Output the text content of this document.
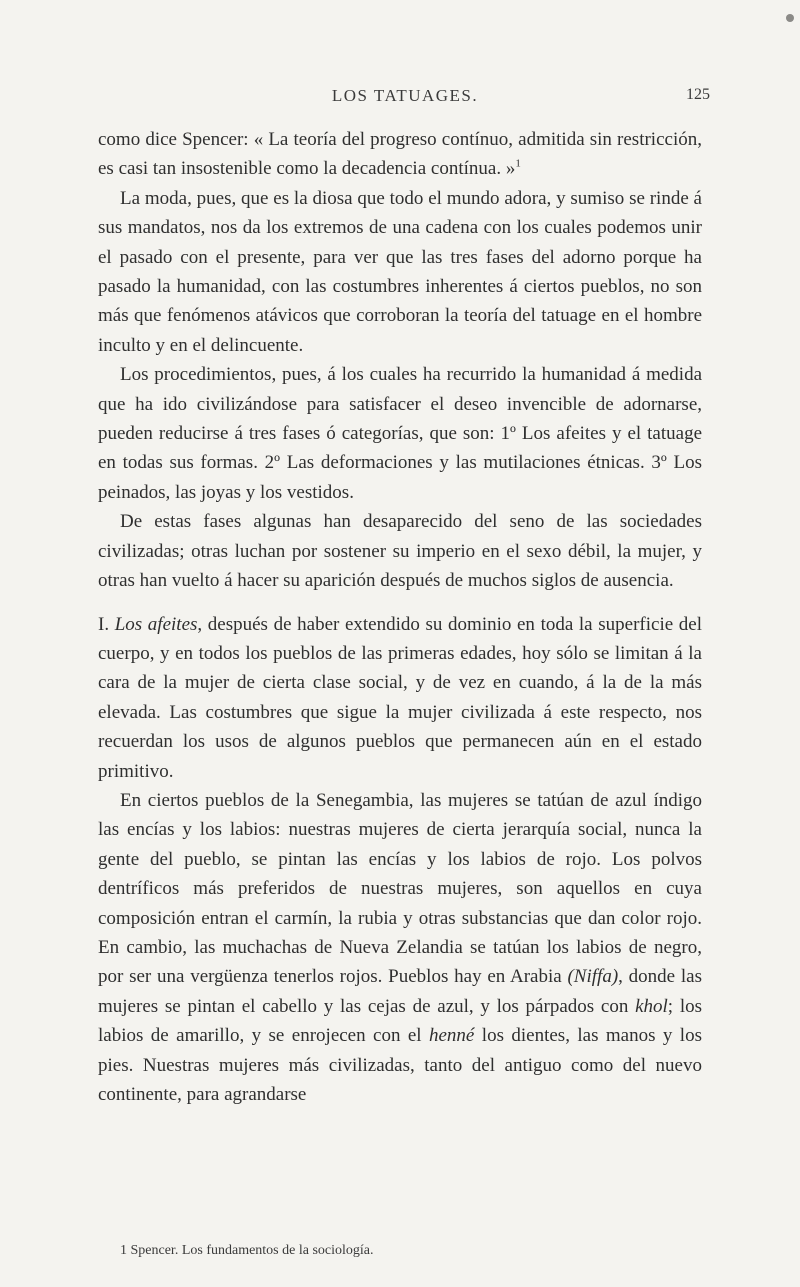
LOS TATUAGES.	125

como dice Spencer: « La teoría del progreso contínuo, admitida sin restricción, es casi tan insostenible como la decadencia contínua. »$^1$

La moda, pues, que es la diosa que todo el mundo adora, y sumiso se rinde á sus mandatos, nos da los extremos de una cadena con los cuales podemos unir el pasado con el presente, para ver que las tres fases del adorno porque ha pasado la humanidad, con las costumbres inherentes á ciertos pueblos, no son más que fenómenos atávicos que corroboran la teoría del tatuage en el hombre inculto y en el delincuente.

Los procedimientos, pues, á los cuales ha recurrido la humanidad á medida que ha ido civilizándose para satisfacer el deseo invencible de adornarse, pueden reducirse á tres fases ó categorías, que son: 1º Los afeites y el tatuage en todas sus formas. 2º Las deformaciones y las mutilaciones étnicas. 3º Los peinados, las joyas y los vestidos.

De estas fases algunas han desaparecido del seno de las sociedades civilizadas; otras luchan por sostener su imperio en el sexo débil, la mujer, y otras han vuelto á hacer su aparición después de muchos siglos de ausencia.

I. Los afeites, después de haber extendido su dominio en toda la superficie del cuerpo, y en todos los pueblos de las primeras edades, hoy sólo se limitan á la cara de la mujer de cierta clase social, y de vez en cuando, á la de la más elevada. Las costumbres que sigue la mujer civilizada á este respecto, nos recuerdan los usos de algunos pueblos que permanecen aún en el estado primitivo.

En ciertos pueblos de la Senegambia, las mujeres se tatúan de azul índigo las encías y los labios: nuestras mujeres de cierta jerarquía social, nunca la gente del pueblo, se pintan las encías y los labios de rojo. Los polvos dentríficos más preferidos de nuestras mujeres, son aquellos en cuya composición entran el carmín, la rubia y otras substancias que dan color rojo. En cambio, las muchachas de Nueva Zelandia se tatúan los labios de negro, por ser una vergüenza tenerlos rojos. Pueblos hay en Arabia (Niffa), donde las mujeres se pintan el cabello y las cejas de azul, y los párpados con khol; los labios de amarillo, y se enrojecen con el henné los dientes, las manos y los pies. Nuestras mujeres más civilizadas, tanto del antiguo como del nuevo continente, para agrandarse

1 Spencer. Los fundamentos de la sociología.
